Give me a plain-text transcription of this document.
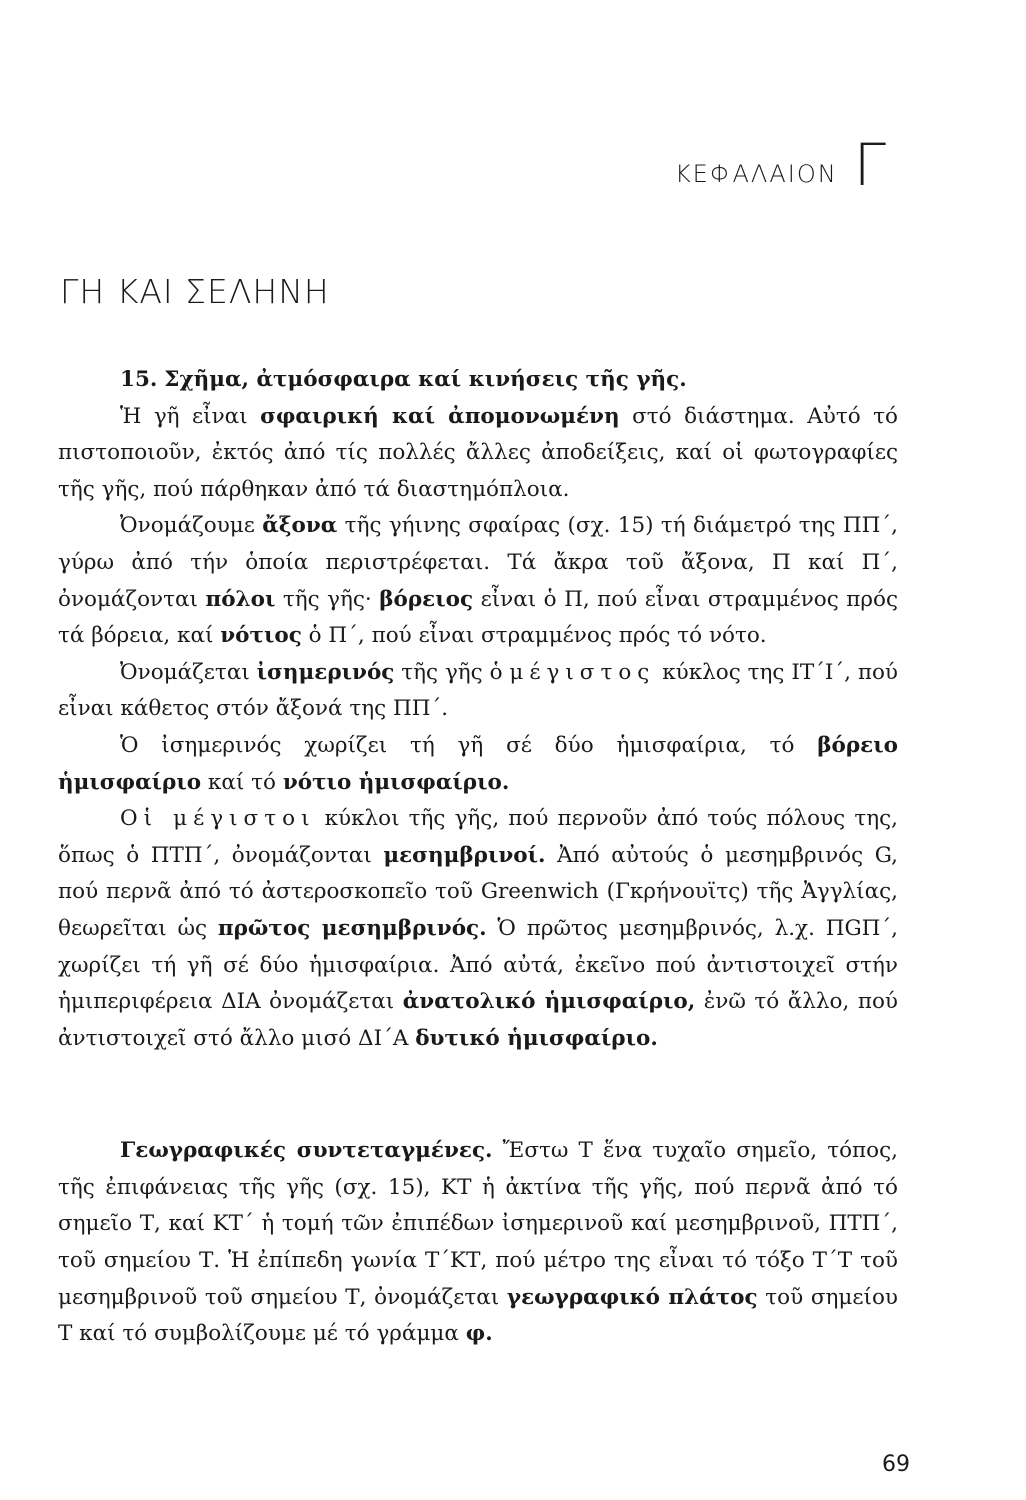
ΚΕΦΑΛΑΙΟΝ Γ
ΓΗ ΚΑΙ ΣΕΛΗΝΗ

15. Σχῆμα, ἀτμόσφαιρα καί κινήσεις τῆς γῆς.

Ἡ γῆ εἶναι σφαιρική καί ἀπομονωμένη στό διάστημα. Αὐτό τό πιστοποιοῦν, ἐκτός ἀπό τίς πολλές ἄλλες ἀποδείξεις, καί οἱ φωτογραφίες τῆς γῆς, πού πάρθηκαν ἀπό τά διαστημόπλοια.

Ὀνομάζουμε ἄξονα τῆς γήινης σφαίρας (σχ. 15) τή διάμετρό της ΠΠ΄, γύρω ἀπό τήν ὁποία περιστρέφεται. Τά ἄκρα τοῦ ἄξονα, Π καί Π΄, ὀνομάζονται πόλοι τῆς γῆς· βόρειος εἶναι ὁ Π, πού εἶναι στραμμένος πρός τά βόρεια, καί νότιος ὁ Π΄, πού εἶναι στραμμένος πρός τό νότο.

Ὀνομάζεται ἰσημερινός τῆς γῆς ὁ μέγιστος κύκλος της ΙΤ΄Ι΄, πού εἶναι κάθετος στόν ἄξονά της ΠΠ΄.

Ὁ ἰσημερινός χωρίζει τή γῆ σέ δύο ἡμισφαίρια, τό βόρειο ἡμισφαίριο καί τό νότιο ἡμισφαίριο.

Οἱ μέγιστοι κύκλοι τῆς γῆς, πού περνοῦν ἀπό τούς πόλους της, ὅπως ὁ ΠΤΠ΄, ὀνομάζονται μεσημβρινοί. Ἀπό αὐτούς ὁ μεσημβρινός G, πού περνᾶ ἀπό τό ἀστεροσκοπεῖο τοῦ Greenwich (Γκρήνουϊτς) τῆς Ἀγγλίας, θεωρεῖται ὡς πρῶτος μεσημβρινός. Ὁ πρῶτος μεσημβρινός, λ.χ. ΠGΠ΄, χωρίζει τή γῆ σέ δύο ἡμισφαίρια. Ἀπό αὐτά, ἐκεῖνο πού ἀντιστοιχεῖ στήν ἡμιπεριφέρεια ΔΙΑ ὀνομάζεται ἀνατολικό ἡμισφαίριο, ἐνῶ τό ἄλλο, πού ἀντιστοιχεῖ στό ἄλλο μισό ΔΙ΄Α δυτικό ἡμισφαίριο.

Γεωγραφικές συντεταγμένες. Ἔστω Τ ἕνα τυχαῖο σημεῖο, τόπος, τῆς ἐπιφάνειας τῆς γῆς (σχ. 15), ΚΤ ἡ ἀκτίνα τῆς γῆς, πού περνᾶ ἀπό τό σημεῖο Τ, καί ΚΤ΄ ἡ τομή τῶν ἐπιπέδων ἰσημερινοῦ καί μεσημβρινοῦ, ΠΤΠ΄, τοῦ σημείου Τ. Ἡ ἐπίπεδη γωνία Τ΄ΚΤ, πού μέτρο της εἶναι τό τόξο Τ΄Τ τοῦ μεσημβρινοῦ τοῦ σημείου Τ, ὀνομάζεται γεωγραφικό πλάτος τοῦ σημείου Τ καί τό συμβολίζουμε μέ τό γράμμα φ.

69
